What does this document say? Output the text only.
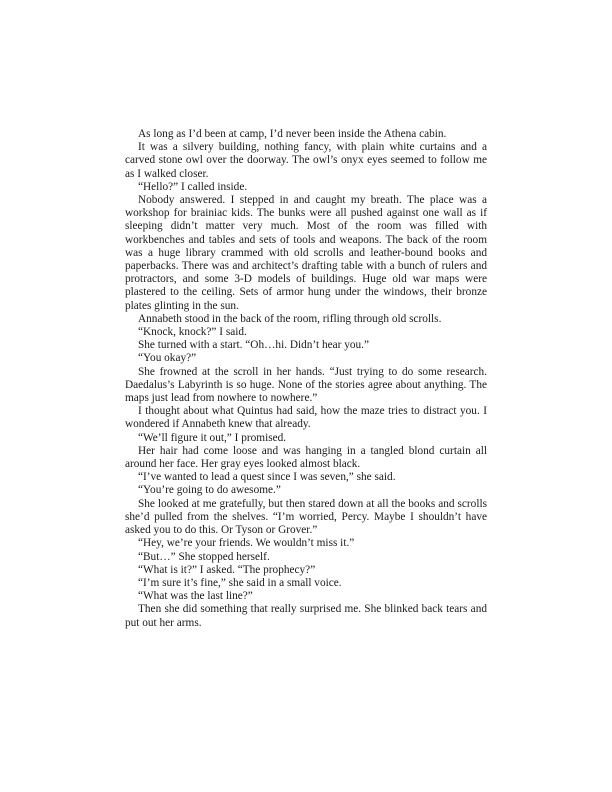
As long as I’d been at camp, I’d never been inside the Athena cabin.

It was a silvery building, nothing fancy, with plain white curtains and a carved stone owl over the doorway. The owl’s onyx eyes seemed to follow me as I walked closer.

“Hello?” I called inside.

Nobody answered. I stepped in and caught my breath. The place was a workshop for brainiac kids. The bunks were all pushed against one wall as if sleeping didn’t matter very much. Most of the room was filled with workbenches and tables and sets of tools and weapons. The back of the room was a huge library crammed with old scrolls and leather-bound books and paperbacks. There was and architect’s drafting table with a bunch of rulers and protractors, and some 3-D models of buildings. Huge old war maps were plastered to the ceiling. Sets of armor hung under the windows, their bronze plates glinting in the sun.

Annabeth stood in the back of the room, rifling through old scrolls.

“Knock, knock?” I said.

She turned with a start. “Oh…hi. Didn’t hear you.”

“You okay?”

She frowned at the scroll in her hands. “Just trying to do some research. Daedalus’s Labyrinth is so huge. None of the stories agree about anything. The maps just lead from nowhere to nowhere.”

I thought about what Quintus had said, how the maze tries to distract you. I wondered if Annabeth knew that already.

“We’ll figure it out,” I promised.

Her hair had come loose and was hanging in a tangled blond curtain all around her face. Her gray eyes looked almost black.

“I’ve wanted to lead a quest since I was seven,” she said.

“You’re going to do awesome.”

She looked at me gratefully, but then stared down at all the books and scrolls she’d pulled from the shelves. “I’m worried, Percy. Maybe I shouldn’t have asked you to do this. Or Tyson or Grover.”

“Hey, we’re your friends. We wouldn’t miss it.”

“But…” She stopped herself.

“What is it?” I asked. “The prophecy?”

“I’m sure it’s fine,” she said in a small voice.

“What was the last line?”

Then she did something that really surprised me. She blinked back tears and put out her arms.
